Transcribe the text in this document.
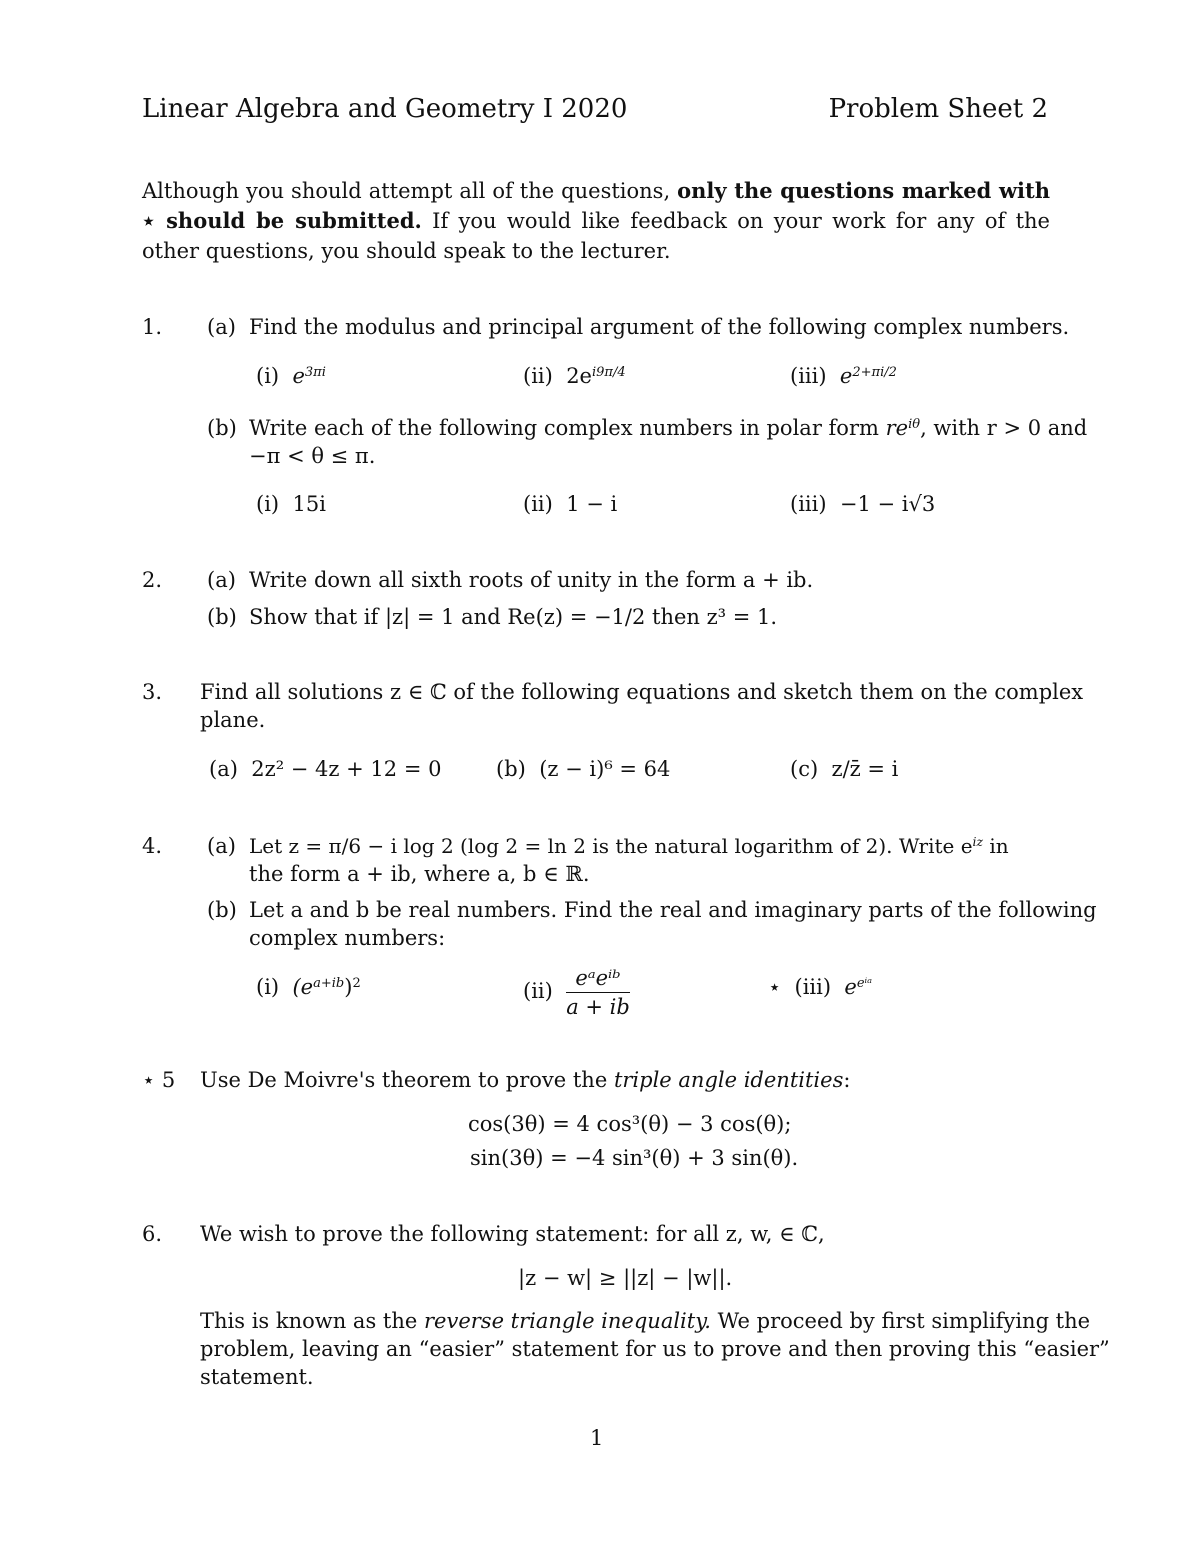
Linear Algebra and Geometry I 2020	Problem Sheet 2
Although you should attempt all of the questions, only the questions marked with ⋆ should be submitted. If you would like feedback on your work for any of the other questions, you should speak to the lecturer.
1. (a) Find the modulus and principal argument of the following complex numbers.
(i) $e^{3\pi i}$	(ii) $2e^{i9\pi/4}$	(iii) $e^{2+\pi i/2}$
(b) Write each of the following complex numbers in polar form $re^{i\theta}$, with r > 0 and
−π < θ ≤ π.
(i) 15i	(ii) 1 − i	(iii) −1 − i√3
2. (a) Write down all sixth roots of unity in the form a + ib.
(b) Show that if |z| = 1 and Re(z) = −1/2 then z³ = 1.
3. Find all solutions z ∈ ℂ of the following equations and sketch them on the complex
plane.
(a) 2z² − 4z + 12 = 0	(b) (z − i)⁶ = 64	(c) z/z̄ = i
4. (a) Let z = π/6 − i log 2 (log 2 = ln 2 is the natural logarithm of 2). Write $e^{iz}$ in
the form a + ib, where a, b ∈ ℝ.
(b) Let a and b be real numbers. Find the real and imaginary parts of the following
complex numbers:
(i) $(e^{a+ib})^2$	$(ii) \frac{\text{eᵃeⁱᵇ}}{a + ib}$	⋆ (iii) $e^{e^iᵃ}$
⋆ 5 Use De Moivre's theorem to prove the triple angle identities:
cos(3θ) = 4 cos³(θ) − 3 cos(θ);
sin(3θ) = −4 sin³(θ) + 3 sin(θ).
6. We wish to prove the following statement: for all z, w, ∈ ℂ,
|z − w| ≥ ||z| − |w||.
This is known as the reverse triangle inequality. We proceed by first simplifying the
problem, leaving an “easier” statement for us to prove and then proving this “easier”
statement.
1
